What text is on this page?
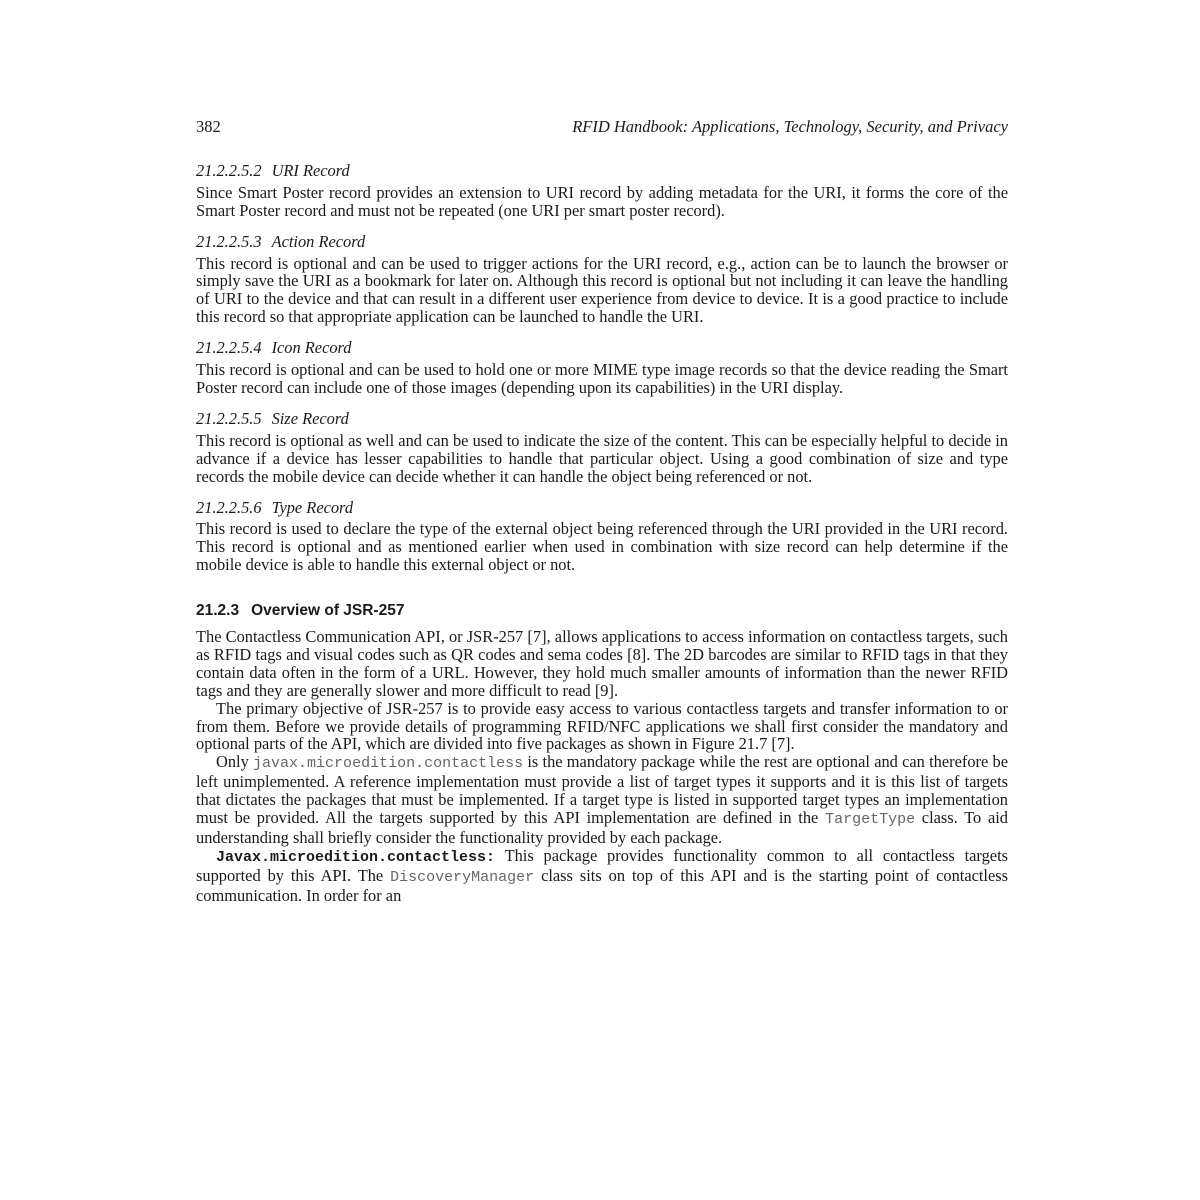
382	RFID Handbook: Applications, Technology, Security, and Privacy
21.2.2.5.2 URI Record

Since Smart Poster record provides an extension to URI record by adding metadata for the URI, it forms the core of the Smart Poster record and must not be repeated (one URI per smart poster record).

21.2.2.5.3 Action Record

This record is optional and can be used to trigger actions for the URI record, e.g., action can be to launch the browser or simply save the URI as a bookmark for later on. Although this record is optional but not including it can leave the handling of URI to the device and that can result in a different user experience from device to device. It is a good practice to include this record so that appropriate application can be launched to handle the URI.

21.2.2.5.4 Icon Record

This record is optional and can be used to hold one or more MIME type image records so that the device reading the Smart Poster record can include one of those images (depending upon its capabilities) in the URI display.

21.2.2.5.5 Size Record

This record is optional as well and can be used to indicate the size of the content. This can be especially helpful to decide in advance if a device has lesser capabilities to handle that particular object. Using a good combination of size and type records the mobile device can decide whether it can handle the object being referenced or not.

21.2.2.5.6 Type Record

This record is used to declare the type of the external object being referenced through the URI provided in the URI record. This record is optional and as mentioned earlier when used in combination with size record can help determine if the mobile device is able to handle this external object or not.

21.2.3 Overview of JSR-257

The Contactless Communication API, or JSR-257 [7], allows applications to access information on contactless targets, such as RFID tags and visual codes such as QR codes and sema codes [8]. The 2D barcodes are similar to RFID tags in that they contain data often in the form of a URL. However, they hold much smaller amounts of information than the newer RFID tags and they are generally slower and more difficult to read [9].

The primary objective of JSR-257 is to provide easy access to various contactless targets and transfer information to or from them. Before we provide details of programming RFID/NFC applications we shall first consider the mandatory and optional parts of the API, which are divided into five packages as shown in Figure 21.7 [7].

Only javax.microedition.contactless is the mandatory package while the rest are optional and can therefore be left unimplemented. A reference implementation must provide a list of target types it supports and it is this list of targets that dictates the packages that must be implemented. If a target type is listed in supported target types an implementation must be provided. All the targets supported by this API implementation are defined in the TargetType class. To aid understanding shall briefly consider the functionality provided by each package.

Javax.microedition.contactless: This package provides functionality common to all contactless targets supported by this API. The DiscoveryManager class sits on top of this API and is the starting point of contactless communication. In order for an
